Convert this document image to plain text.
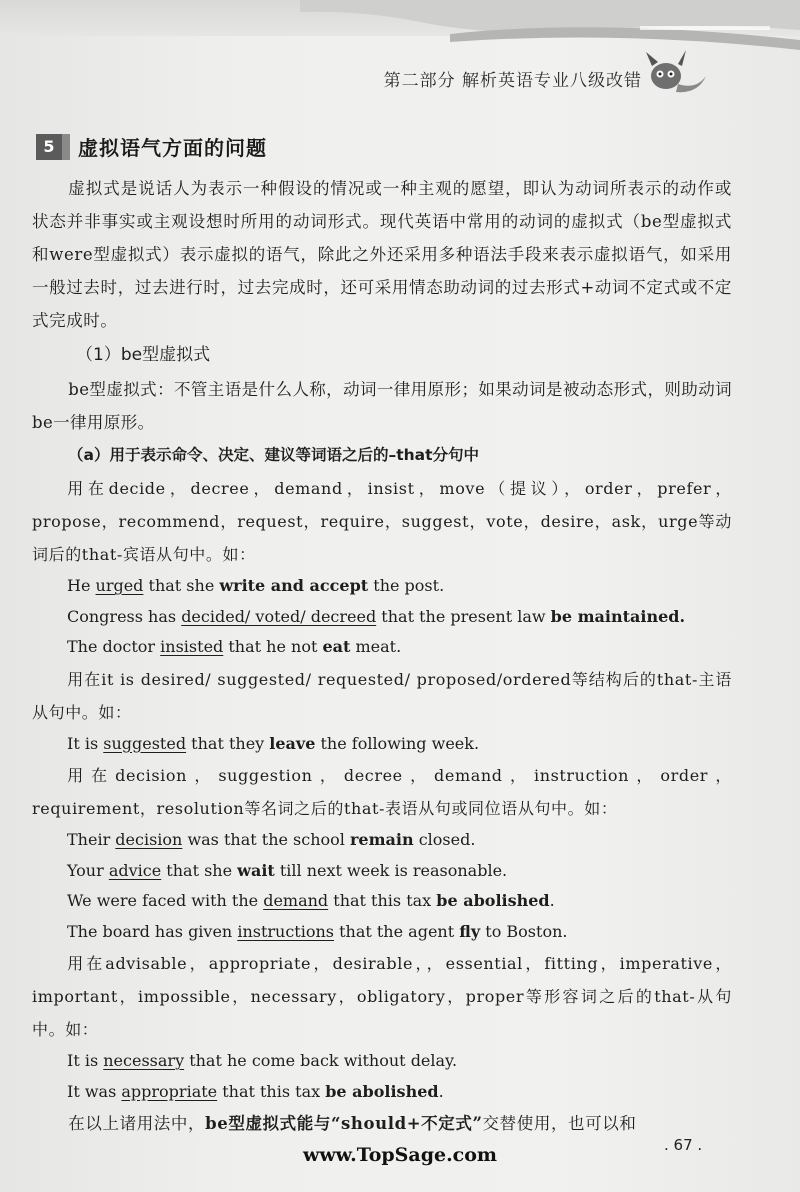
第二部分 解析英语专业八级改错
5	虚拟语气方面的问题

虚拟式是说话人为表示一种假设的情况或一种主观的愿望，即认为动词所表示的动作或状态并非事实或主观设想时所用的动词形式。现代英语中常用的动词的虚拟式（be型虚拟式和were型虚拟式）表示虚拟的语气，除此之外还采用多种语法手段来表示虚拟语气，如采用一般过去时，过去进行时，过去完成时，还可采用情态助动词的过去形式+动词不定式或不定式完成时。

（1）be型虚拟式

be型虚拟式：不管主语是什么人称，动词一律用原形；如果动词是被动态形式，则助动词be一律用原形。

（a）用于表示命令、决定、建议等词语之后的–that分句中

用在decide，decree，demand，insist，move（提议），order，prefer，propose，recommend，request，require，suggest，vote，desire，ask，urge等动词后的that-宾语从句中。如：

He urged that she write and accept the post.

Congress has decided/ voted/ decreed that the present law be maintained.

The doctor insisted that he not eat meat.

用在it is desired/ suggested/ requested/ proposed/ordered等结构后的that-主语从句中。如：

It is suggested that they leave the following week.

用在decision，suggestion，decree，demand，instruction，order，requirement，resolution等名词之后的that-表语从句或同位语从句中。如：

Their decision was that the school remain closed.

Your advice that she wait till next week is reasonable.

We were faced with the demand that this tax be abolished.

The board has given instructions that the agent fly to Boston.

用在advisable，appropriate，desirable，，essential，fitting，imperative，important，impossible，necessary，obligatory，proper等形容词之后的that-从句中。如：

It is necessary that he come back without delay.

It was appropriate that this tax be abolished.

在以上诸用法中，be型虚拟式能与“should+不定式”交替使用，也可以和

www.TopSage.com	. 67 .
